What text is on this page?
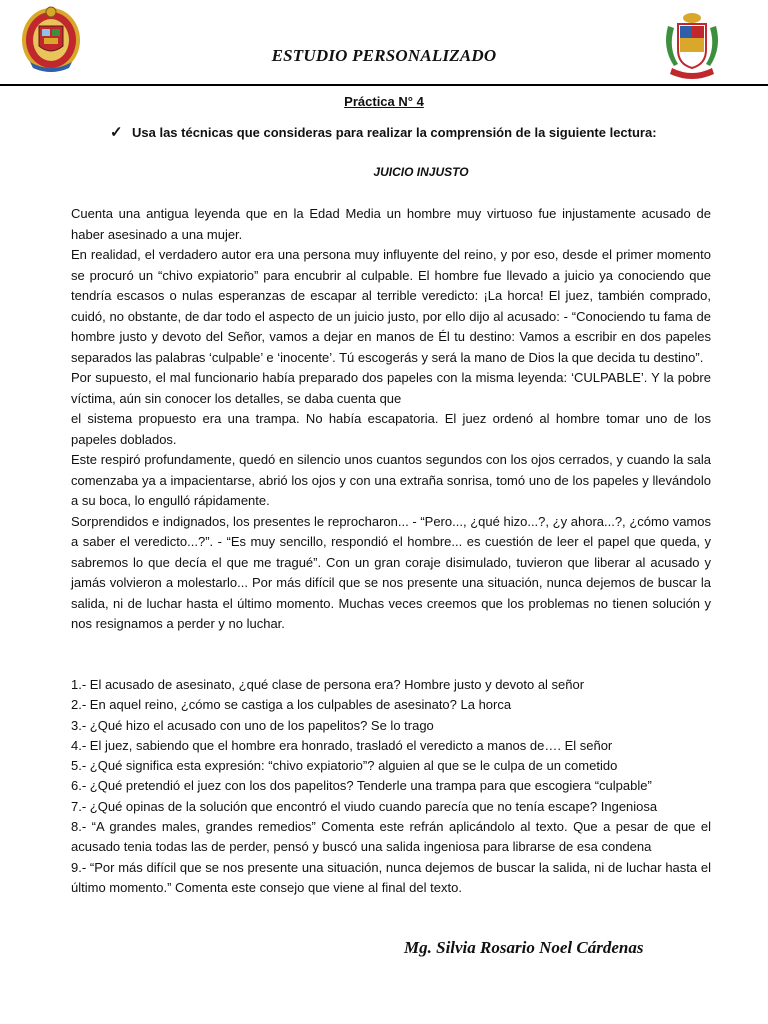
ESTUDIO PERSONALIZADO
Práctica N° 4
✓ Usa las técnicas que consideras para realizar la comprensión de la siguiente lectura:
JUICIO INJUSTO

Cuenta una antigua leyenda que en la Edad Media un hombre muy virtuoso fue injustamente acusado de haber asesinado a una mujer.

En realidad, el verdadero autor era una persona muy influyente del reino, y por eso, desde el primer momento se procuró un “chivo expiatorio” para encubrir al culpable. El hombre fue llevado a juicio ya conociendo que tendría escasos o nulas esperanzas de escapar al terrible veredicto: ¡La horca! El juez, también comprado, cuidó, no obstante, de dar todo el aspecto de un juicio justo, por ello dijo al acusado: - “Conociendo tu fama de hombre justo y devoto del Señor, vamos a dejar en manos de Él tu destino: Vamos a escribir en dos papeles separados las palabras ‘culpable’ e ‘inocente’. Tú escogerás y será la mano de Dios la que decida tu destino”.

Por supuesto, el mal funcionario había preparado dos papeles con la misma leyenda: ‘CULPABLE’. Y la pobre víctima, aún sin conocer los detalles, se daba cuenta que

el sistema propuesto era una trampa. No había escapatoria. El juez ordenó al hombre tomar uno de los papeles doblados.

Este respiró profundamente, quedó en silencio unos cuantos segundos con los ojos cerrados, y cuando la sala comenzaba ya a impacientarse, abrió los ojos y con una extraña sonrisa, tomó uno de los papeles y llevándolo a su boca, lo engulló rápidamente.

Sorprendidos e indignados, los presentes le reprocharon... - “Pero..., ¿qué hizo...?, ¿y ahora...?, ¿cómo vamos a saber el veredicto...?”. - “Es muy sencillo, respondió el hombre... es cuestión de leer el papel que queda, y sabremos lo que decía el que me tragué”. Con un gran coraje disimulado, tuvieron que liberar al acusado y jamás volvieron a molestarlo... Por más difícil que se nos presente una situación, nunca dejemos de buscar la salida, ni de luchar hasta el último momento. Muchas veces creemos que los problemas no tienen solución y nos resignamos a perder y no luchar.

1.- El acusado de asesinato, ¿qué clase de persona era? Hombre justo y devoto al señor

2.- En aquel reino, ¿cómo se castiga a los culpables de asesinato? La horca

3.- ¿Qué hizo el acusado con uno de los papelitos? Se lo trago

4.- El juez, sabiendo que el hombre era honrado, trasladó el veredicto a manos de…. El señor

5.- ¿Qué significa esta expresión: “chivo expiatorio”? alguien al que se le culpa de un cometido

6.- ¿Qué pretendió el juez con los dos papelitos? Tenderle una trampa para que escogiera “culpable”

7.- ¿Qué opinas de la solución que encontró el viudo cuando parecía que no tenía escape? Ingeniosa

8.- “A grandes males, grandes remedios” Comenta este refrán aplicándolo al texto. Que a pesar de que el acusado tenia todas las de perder, pensó y buscó una salida ingeniosa para librarse de esa condena

9.- “Por más difícil que se nos presente una situación, nunca dejemos de buscar la salida, ni de luchar hasta el último momento.” Comenta este consejo que viene al final del texto.

Mg. Silvia Rosario Noel Cárdenas
